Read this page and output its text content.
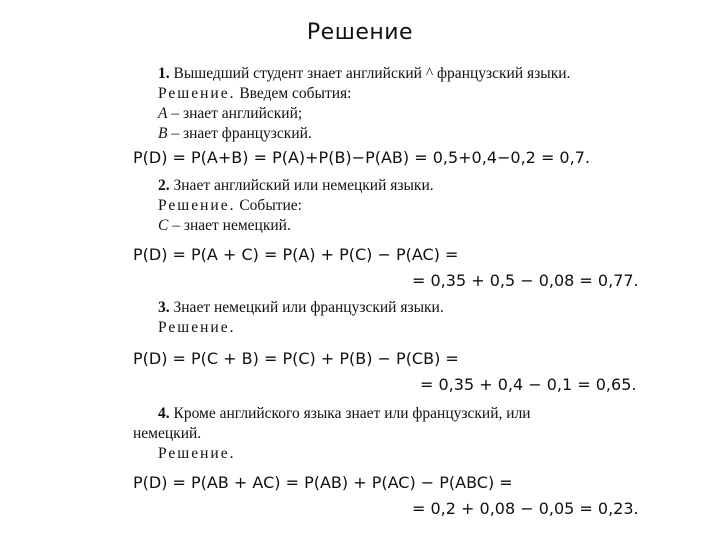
Решение
1. Вышедший студент знает английский ^ французский языки.
Решение. Введем события:
A – знает английский;
B – знает французский.
P(D) = P(A+B) = P(A)+P(B)−P(AB) = 0,5+0,4−0,2 = 0,7.
2. Знает английский или немецкий языки.
Решение. Событие:
C – знает немецкий.
P(D) = P(A + C) = P(A) + P(C) − P(AC) =
= 0,35 + 0,5 − 0,08 = 0,77.
3. Знает немецкий или французский языки.
Решение.
P(D) = P(C + B) = P(C) + P(B) − P(CB) =
= 0,35 + 0,4 − 0,1 = 0,65.
4. Кроме английского языка знает или французский, или
немецкий.
Решение.
P(D) = P(AB + AC) = P(AB) + P(AC) − P(ABC) =
= 0,2 + 0,08 − 0,05 = 0,23.
